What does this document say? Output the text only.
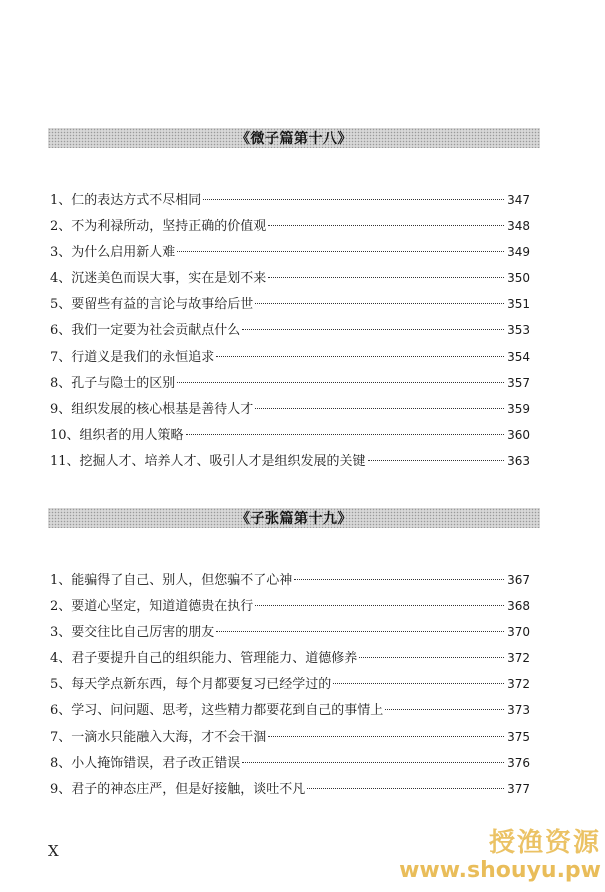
《微子篇第十八》
1、 仁的表达方式不尽相同	347
2、 不为利禄所动，坚持正确的价值观	348
3、 为什么启用新人难	349
4、 沉迷美色而误大事，实在是划不来	350
5、 要留些有益的言论与故事给后世	351
6、 我们一定要为社会贡献点什么	353
7、 行道义是我们的永恒追求	354
8、 孔子与隐士的区别	357
9、 组织发展的核心根基是善待人才	359
10、 组织者的用人策略	360
11、 挖掘人才、培养人才、吸引人才是组织发展的关键	363
《子张篇第十九》
1、 能骗得了自己、别人，但您骗不了心神	367
2、 要道心坚定，知道道德贵在执行	368
3、 要交往比自己厉害的朋友	370
4、 君子要提升自己的组织能力、管理能力、道德修养	372
5、 每天学点新东西，每个月都要复习已经学过的	372
6、 学习、问问题、思考，这些精力都要花到自己的事情上	373
7、 一滴水只能融入大海，才不会干涸	375
8、 小人掩饰错误，君子改正错误	376
9、 君子的神态庄严，但是好接触，谈吐不凡	377
X	授渔资源
www.shouyu.pw
